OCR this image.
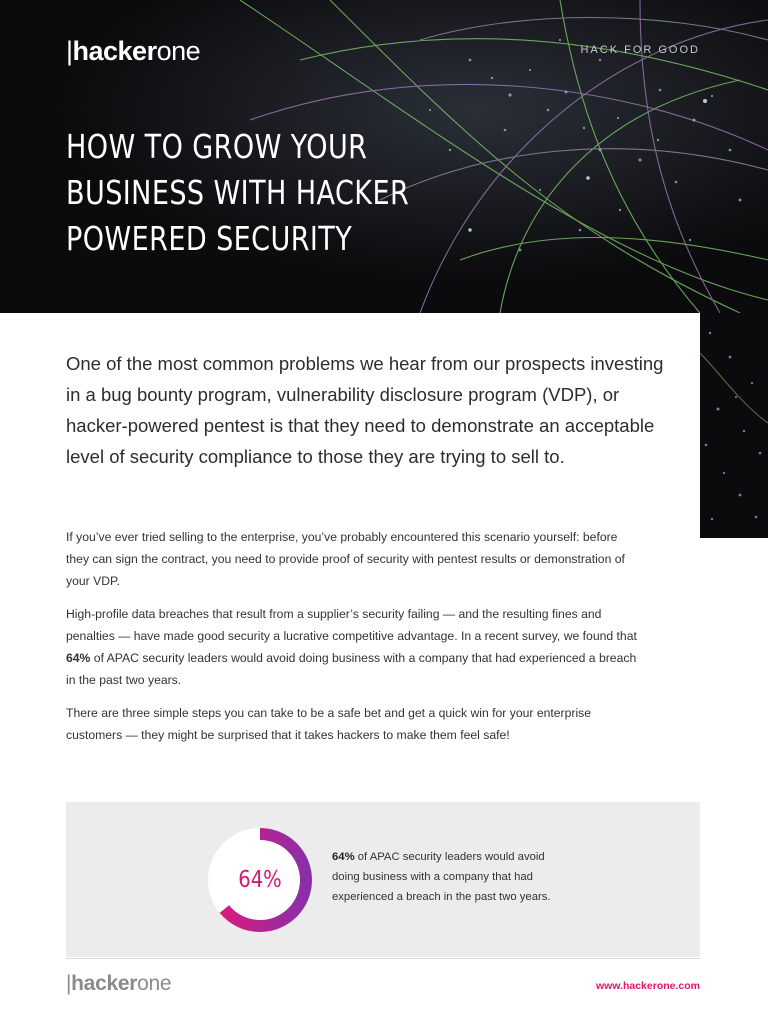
|hackerone	HACK FOR GOOD
HOW TO GROW YOUR
BUSINESS WITH HACKER
POWERED SECURITY

One of the most common problems we hear from our prospects investing in a bug bounty program, vulnerability disclosure program (VDP), or hacker-powered pentest is that they need to demonstrate an acceptable level of security compliance to those they are trying to sell to.

If you’ve ever tried selling to the enterprise, you’ve probably encountered this scenario yourself: before they can sign the contract, you need to provide proof of security with pentest results or demonstration of your VDP.

High-profile data breaches that result from a supplier’s security failing — and the resulting fines and penalties — have made good security a lucrative competitive advantage. In a recent survey, we found that 64% of APAC security leaders would avoid doing business with a company that had experienced a breach in the past two years.

There are three simple steps you can take to be a safe bet and get a quick win for your enterprise customers — they might be surprised that it takes hackers to make them feel safe!

64%

64% of APAC security leaders would avoid doing business with a company that had experienced a breach in the past two years.

|hackerone	www.hackerone.com
